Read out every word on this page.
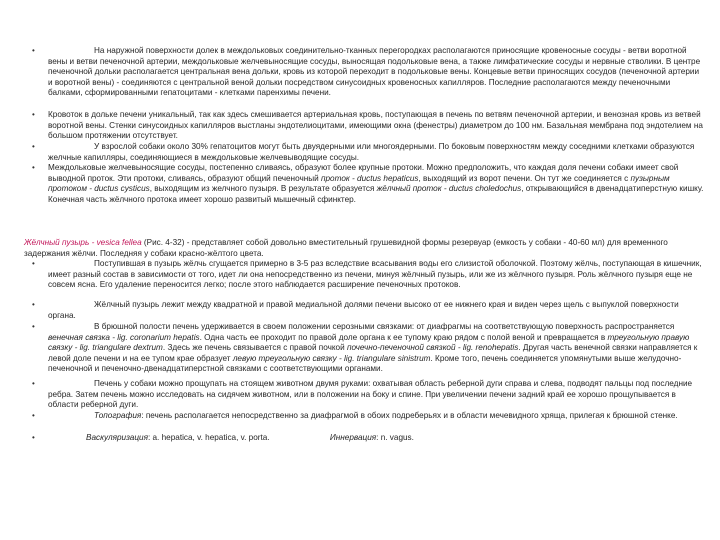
•	На наружной поверхности долек в междольковых соединительно-тканных перегородках располагаются приносящие кровеносные сосуды - ветви воротной вены и ветви печеночной артерии, междольковые желчевыносящие сосуды, выносящая подольковые вена, а также лимфатические сосуды и нервные стволики. В центре печеночной дольки располагается центральная вена дольки, кровь из которой переходит в подольковые вены. Концевые ветви приносящих сосудов (печеночной артерии и воротной вены) - соединяются с центральной веной дольки посредством синусоидных кровеносных капилляров. Последние располагаются между печеночными балками, сформированными гепатоцитами - клетками паренхимы печени.
•	Кровоток в дольке печени уникальный, так как здесь смешивается артериальная кровь, поступающая в печень по ветвям печеночной артерии, и венозная кровь из ветвей воротной вены. Стенки синусоидных капилляров выстланы эндотелиоцитами, имеющими окна (фенестры) диаметром до 100 нм. Базальная мембрана под эндотелием на большом протяжении отсутствует.
•	У взрослой собаки около 30% гепатоцитов могут быть двуядерными или многоядерными. По боковым поверхностям между соседними клетками образуются желчные капилляры, соединяющиеся в междольковые желчевыводящие сосуды.
•	Междольковые желчевыносящие сосуды, постепенно сливаясь, образуют более крупные протоки. Можно предположить, что каждая доля печени собаки имеет свой выводной проток. Эти протоки, сливаясь, образуют общий печеночный проток - ductus hepaticus, выходящий из ворот печени. Он тут же соединяется с пузырным протоком - ductus cysticus, выходящим из желчного пузыря. В результате образуется жёлчный проток - ductus choledochus, открывающийся в двенадцатиперстную кишку. Конечная часть жёлчного протока имеет хорошо развитый мышечный сфинктер.
Жёлчный пузырь - vesica fellea (Рис. 4-32) - представляет собой довольно вместительный грушевидной формы резервуар (емкость у собаки - 40-60 мл) для временного задержания жёлчи. Последняя у собаки красно-жёлтого цвета.
•	Поступившая в пузырь жёлчь сгущается примерно в 3-5 раз вследствие всасывания воды его слизистой оболочкой. Поэтому жёлчь, поступающая в кишечник, имеет разный состав в зависимости от того, идет ли она непосредственно из печени, минуя жёлчный пузырь, или же из жёлчного пузыря. Роль жёлчного пузыря еще не совсем ясна. Его удаление переносится легко; после этого наблюдается расширение печеночных протоков.
•	Жёлчный пузырь лежит между квадратной и правой медиальной долями печени высоко от ее нижнего края и виден через щель с выпуклой поверхности органа.
•	В брюшной полости печень удерживается в своем положении серозными связками: от диафрагмы на соответствующую поверхность распространяется венечная связка - lig. coronarium hepatis. Одна часть ее проходит по правой доле органа к ее тупому краю рядом с полой веной и превращается в треугольную правую связку - lig. triangulare dextrum. Здесь же печень связывается с правой почкой почечно-печеночной связкой - lig. renohepatis. Другая часть венечной связки направляется к левой доле печени и на ее тупом крае образует левую треугольную связку - lig. triangulare sinistrum. Кроме того, печень соединяется упомянутыми выше желудочно-печеночной и печеночно-двенадцатиперстной связками с соответствующими органами.
•	Печень у собаки можно прощупать на стоящем животном двумя руками: охватывая область реберной дуги справа и слева, подводят пальцы под последние ребра. Затем печень можно исследовать на сидячем животном, или в положении на боку и спине. При увеличении печени задний край ее хорошо прощупывается в области реберной дуги.
•	Топография: печень располагается непосредственно за диафрагмой в обоих подреберьях и в области мечевидного хряща, прилегая к брюшной стенке.
•	Васкуляризация: a. hepatica, v. hepatica, v. porta.	Иннервация: n. vagus.
